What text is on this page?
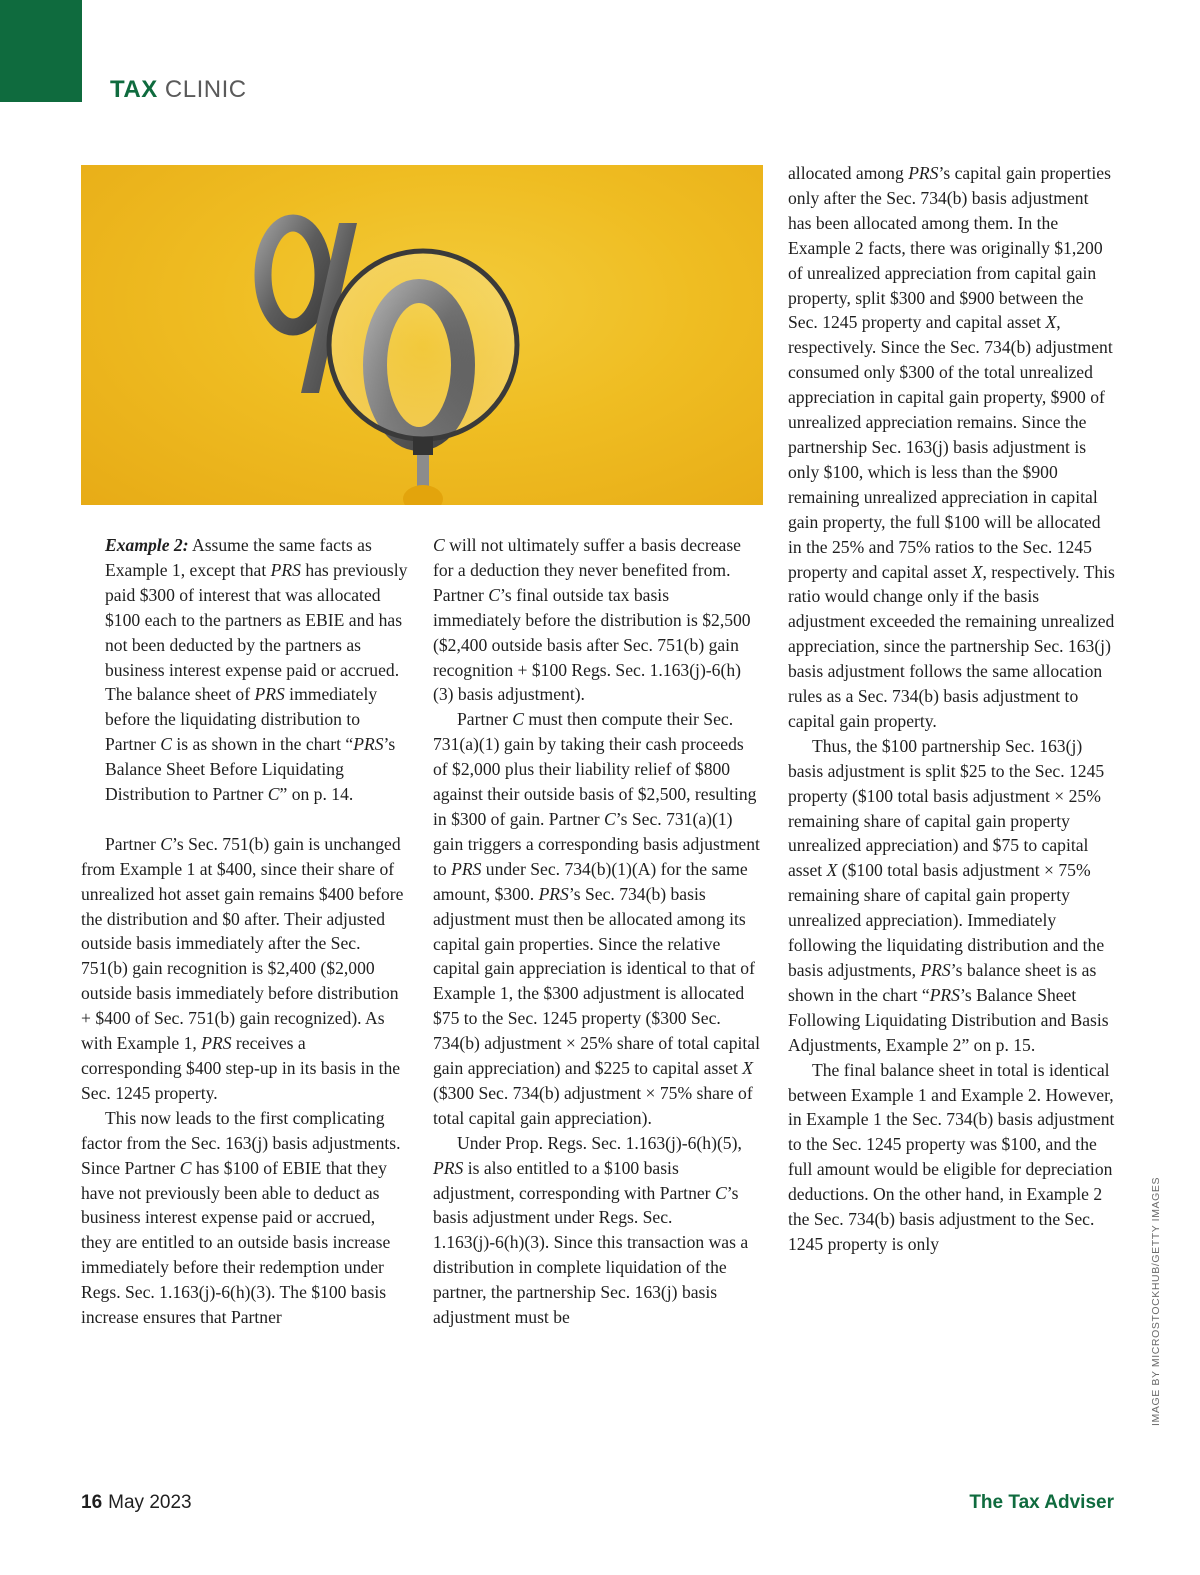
TAX CLINIC

Example 2: Assume the same facts as Example 1, except that PRS has previously paid $300 of interest that was allocated $100 each to the partners as EBIE and has not been deducted by the partners as business interest expense paid or accrued. The balance sheet of PRS immediately before the liquidating distribution to Partner C is as shown in the chart “PRS’s Balance Sheet Before Liquidating Distribution to Partner C” on p. 14.

Partner C’s Sec. 751(b) gain is unchanged from Example 1 at $400, since their share of unrealized hot asset gain remains $400 before the distribution and $0 after. Their adjusted outside basis immediately after the Sec. 751(b) gain recognition is $2,400 ($2,000 outside basis immediately before distribution + $400 of Sec. 751(b) gain recognized). As with Example 1, PRS receives a corresponding $400 step-up in its basis in the Sec. 1245 property.

This now leads to the first complicating factor from the Sec. 163(j) basis adjustments. Since Partner C has $100 of EBIE that they have not previously been able to deduct as business interest expense paid or accrued, they are entitled to an outside basis increase immediately before their redemption under Regs. Sec. 1.163(j)-6(h)(3). The $100 basis increase ensures that Partner

C will not ultimately suffer a basis decrease for a deduction they never benefited from. Partner C’s final outside tax basis immediately before the distribution is $2,500 ($2,400 outside basis after Sec. 751(b) gain recognition + $100 Regs. Sec. 1.163(j)-6(h)(3) basis adjustment).

Partner C must then compute their Sec. 731(a)(1) gain by taking their cash proceeds of $2,000 plus their liability relief of $800 against their outside basis of $2,500, resulting in $300 of gain. Partner C’s Sec. 731(a)(1) gain triggers a corresponding basis adjustment to PRS under Sec. 734(b)(1)(A) for the same amount, $300. PRS’s Sec. 734(b) basis adjustment must then be allocated among its capital gain properties. Since the relative capital gain appreciation is identical to that of Example 1, the $300 adjustment is allocated $75 to the Sec. 1245 property ($300 Sec. 734(b) adjustment × 25% share of total capital gain appreciation) and $225 to capital asset X ($300 Sec. 734(b) adjustment × 75% share of total capital gain appreciation).

Under Prop. Regs. Sec. 1.163(j)-6(h)(5), PRS is also entitled to a $100 basis adjustment, corresponding with Partner C’s basis adjustment under Regs. Sec. 1.163(j)-6(h)(3). Since this transaction was a distribution in complete liquidation of the partner, the partnership Sec. 163(j) basis adjustment must be

allocated among PRS’s capital gain properties only after the Sec. 734(b) basis adjustment has been allocated among them. In the Example 2 facts, there was originally $1,200 of unrealized appreciation from capital gain property, split $300 and $900 between the Sec. 1245 property and capital asset X, respectively. Since the Sec. 734(b) adjustment consumed only $300 of the total unrealized appreciation in capital gain property, $900 of unrealized appreciation remains. Since the partnership Sec. 163(j) basis adjustment is only $100, which is less than the $900 remaining unrealized appreciation in capital gain property, the full $100 will be allocated in the 25% and 75% ratios to the Sec. 1245 property and capital asset X, respectively. This ratio would change only if the basis adjustment exceeded the remaining unrealized appreciation, since the partnership Sec. 163(j) basis adjustment follows the same allocation rules as a Sec. 734(b) basis adjustment to capital gain property.

Thus, the $100 partnership Sec. 163(j) basis adjustment is split $25 to the Sec. 1245 property ($100 total basis adjustment × 25% remaining share of capital gain property unrealized appreciation) and $75 to capital asset X ($100 total basis adjustment × 75% remaining share of capital gain property unrealized appreciation). Immediately following the liquidating distribution and the basis adjustments, PRS’s balance sheet is as shown in the chart “PRS’s Balance Sheet Following Liquidating Distribution and Basis Adjustments, Example 2” on p. 15.

The final balance sheet in total is identical between Example 1 and Example 2. However, in Example 1 the Sec. 734(b) basis adjustment to the Sec. 1245 property was $100, and the full amount would be eligible for depreciation deductions. On the other hand, in Example 2 the Sec. 734(b) basis adjustment to the Sec. 1245 property is only	IMAGE BY MICROSTOCKHUB/GETTY IMAGES
16 May 2023	The Tax Adviser
